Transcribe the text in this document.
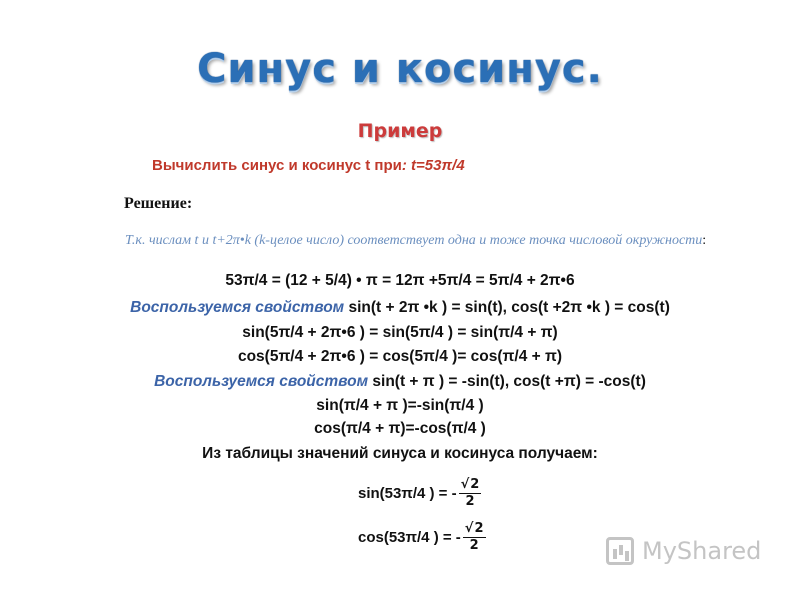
Синус и косинус.
Пример
Вычислить синус и косинус t при: t=53π/4
Решение:
Т.к. числам t и t+2π•k (k-целое число) соответствует одна и тоже точка числовой окружности:
53π/4 = (12 + 5/4) • π = 12π +5π/4 = 5π/4 + 2π•6
Воспользуемся свойством sin(t + 2π •k ) = sin(t), cos(t +2π •k ) = cos(t)
sin(5π/4 + 2π•6 ) = sin(5π/4 ) = sin(π/4 + π)
cos(5π/4 + 2π•6 ) = cos(5π/4 )= cos(π/4 + π)
Воспользуемся свойством sin(t + π ) = -sin(t), cos(t +π) = -cos(t)
sin(π/4 + π )=-sin(π/4 )
cos(π/4 + π)=-cos(π/4 )
Из таблицы значений синуса и косинуса получаем:
sin(53π/4 ) = - $\frac{√2}{2}$
cos(53π/4 ) = - $\frac{√2}{2}$	MyShared
